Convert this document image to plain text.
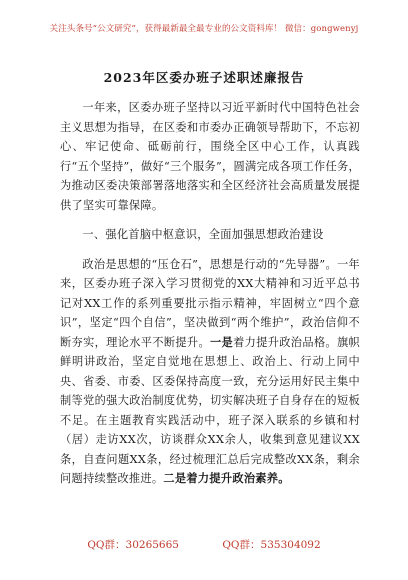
关注头条号“公文研究”，获得最新最全最专业的公文资料库！ 微信：gongwenyj
2023年区委办班子述职述廉报告

一年来，区委办班子坚持以习近平新时代中国特色社会主义思想为指导，在区委和市委办正确领导帮助下，不忘初心、牢记使命、砥砺前行，围绕全区中心工作，认真践行“五个坚持”，做好“三个服务”，圆满完成各项工作任务，为推动区委决策部署落地落实和全区经济社会高质量发展提供了坚实可靠保障。

一、强化首脑中枢意识，全面加强思想政治建设

政治是思想的“压仓石”，思想是行动的“先导器”。一年来，区委办班子深入学习贯彻党的XX大精神和习近平总书记对XX工作的系列重要批示指示精神，牢固树立“四个意识”，坚定“四个自信”，坚决做到“两个维护”，政治信仰不断夯实，理论水平不断提升。一是着力提升政治品格。旗帜鲜明讲政治，坚定自觉地在思想上、政治上、行动上同中央、省委、市委、区委保持高度一致，充分运用好民主集中制等党的强大政治制度优势，切实解决班子自身存在的短板不足。在主题教育实践活动中，班子深入联系的乡镇和村（居）走访XX次，访谈群众XX余人，收集到意见建议XX条，自查问题XX条，经过梳理汇总后完成整改XX条，剩余问题持续整改推进。二是着力提升政治素养。

QQ群：30265665	QQ群：535304092
